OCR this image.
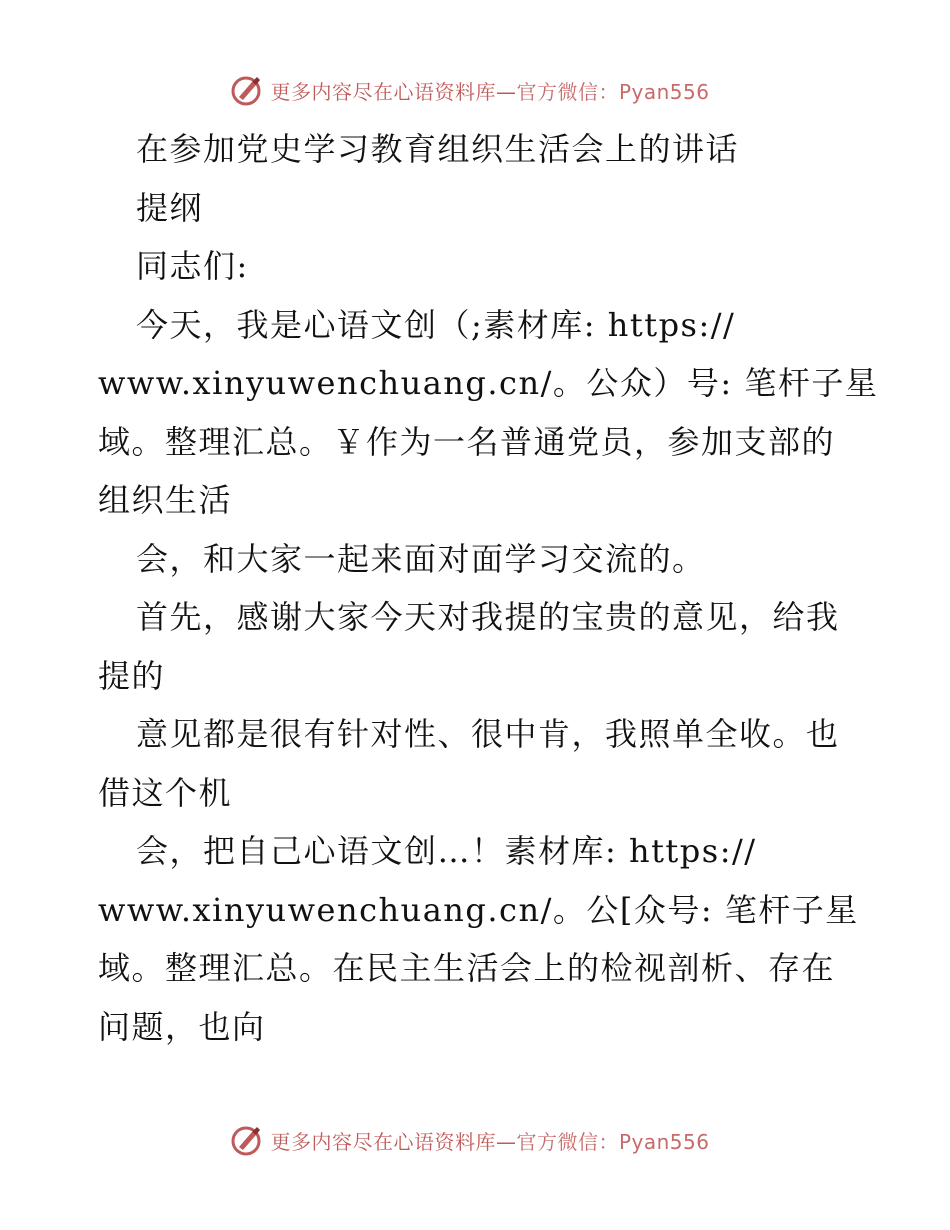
更多内容尽在心语资料库—官方微信：Pyan556
在参加党史学习教育组织生活会上的讲话
提纲
同志们:
今天，我是心语文创（;素材库: https://
www.xinyuwenchuang.cn/。公众）号: 笔杆子星
域。整理汇总。￥作为一名普通党员，参加支部的
组织生活
会，和大家一起来面对面学习交流的。
首先，感谢大家今天对我提的宝贵的意见，给我
提的
意见都是很有针对性、很中肯，我照单全收。也
借这个机
会，把自己心语文创…！素材库: https://
www.xinyuwenchuang.cn/。公[众号: 笔杆子星
域。整理汇总。在民主生活会上的检视剖析、存在
问题，也向
更多内容尽在心语资料库—官方微信：Pyan556
